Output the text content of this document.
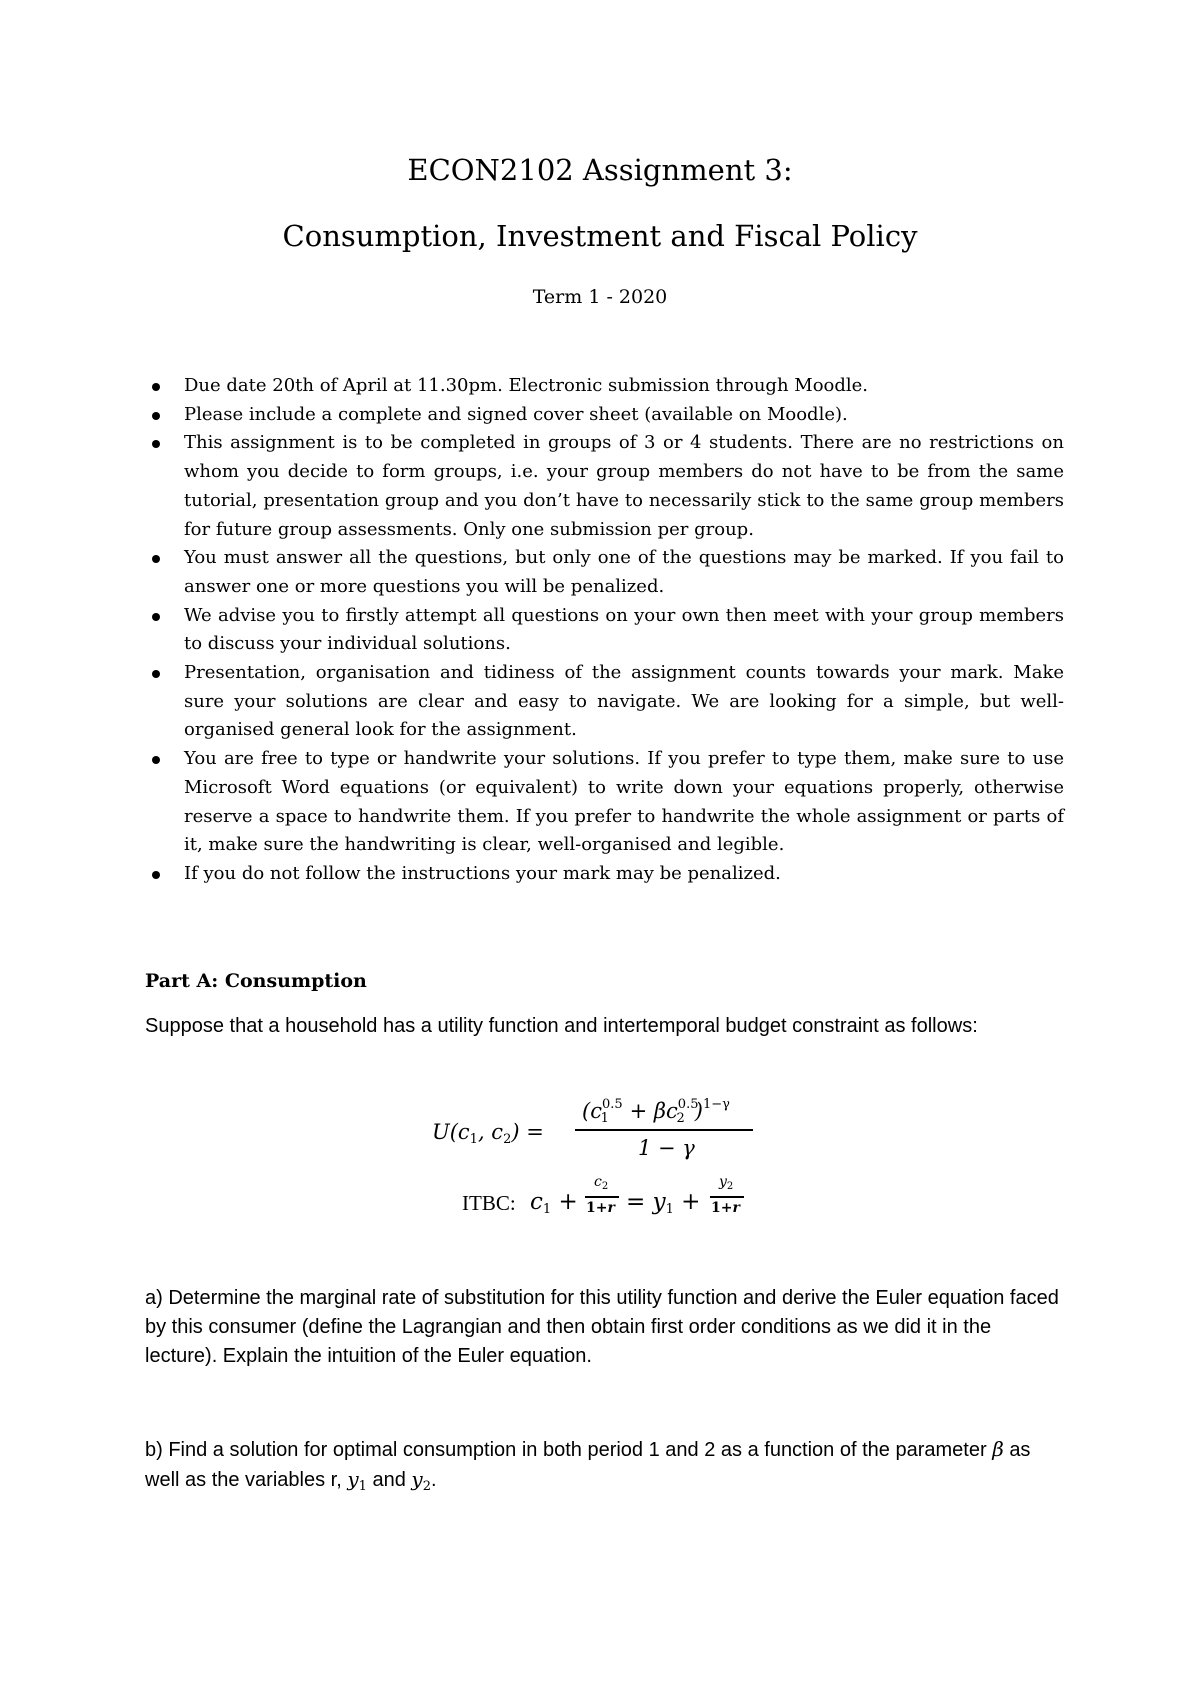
ECON2102 Assignment 3:
Consumption, Investment and Fiscal Policy
Term 1 - 2020
Due date 20th of April at 11.30pm. Electronic submission through Moodle.
Please include a complete and signed cover sheet (available on Moodle).
This assignment is to be completed in groups of 3 or 4 students. There are no restrictions on whom you decide to form groups, i.e. your group members do not have to be from the same tutorial, presentation group and you don’t have to necessarily stick to the same group members for future group assessments. Only one submission per group.
You must answer all the questions, but only one of the questions may be marked. If you fail to answer one or more questions you will be penalized.
We advise you to firstly attempt all questions on your own then meet with your group members to discuss your individual solutions.
Presentation, organisation and tidiness of the assignment counts towards your mark. Make sure your solutions are clear and easy to navigate. We are looking for a simple, but well-organised general look for the assignment.
You are free to type or handwrite your solutions. If you prefer to type them, make sure to use Microsoft Word equations (or equivalent) to write down your equations properly, otherwise reserve a space to handwrite them. If you prefer to handwrite the whole assignment or parts of it, make sure the handwriting is clear, well-organised and legible.
If you do not follow the instructions your mark may be penalized.
Part A: Consumption
Suppose that a household has a utility function and intertemporal budget constraint as follows:
$U(c_1$, $c_2$) =
($c^{0.5}_1 + \beta c^{0.5}_2$ )$^{1-\gamma}$
1 − γ
ITBC: $c_1$ +
$c_2$
$1+r = y_1$ +
$y_2$
1+r
a) Determine the marginal rate of substitution for this utility function and derive the Euler equation faced by this consumer (define the Lagrangian and then obtain first order conditions as we did it in the lecture). Explain the intuition of the Euler equation.
b) Find a solution for optimal consumption in both period 1 and 2 as a function of the parameter β as well as the variables r, $y_1$ and $y_2$.
